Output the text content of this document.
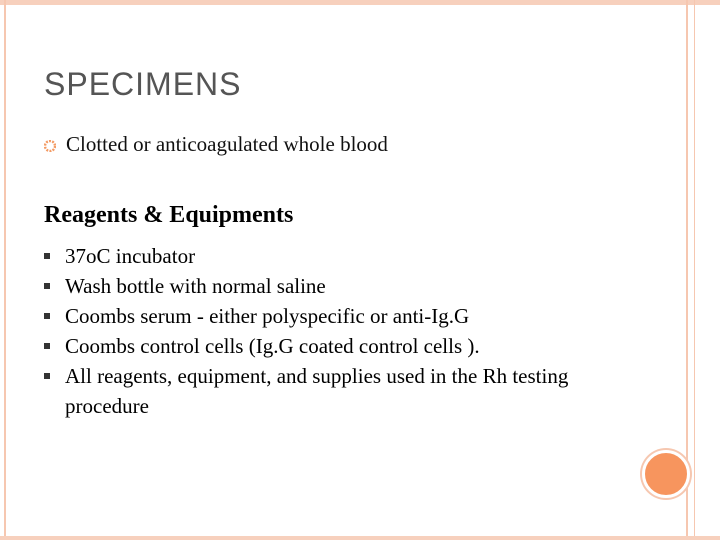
SPECIMENS
Clotted or anticoagulated whole blood
Reagents & Equipments
37oC incubator
Wash bottle with normal saline
Coombs serum - either polyspecific or anti-Ig.G
Coombs control cells (Ig.G coated control cells ).
All reagents, equipment, and supplies used in the Rh testing procedure
